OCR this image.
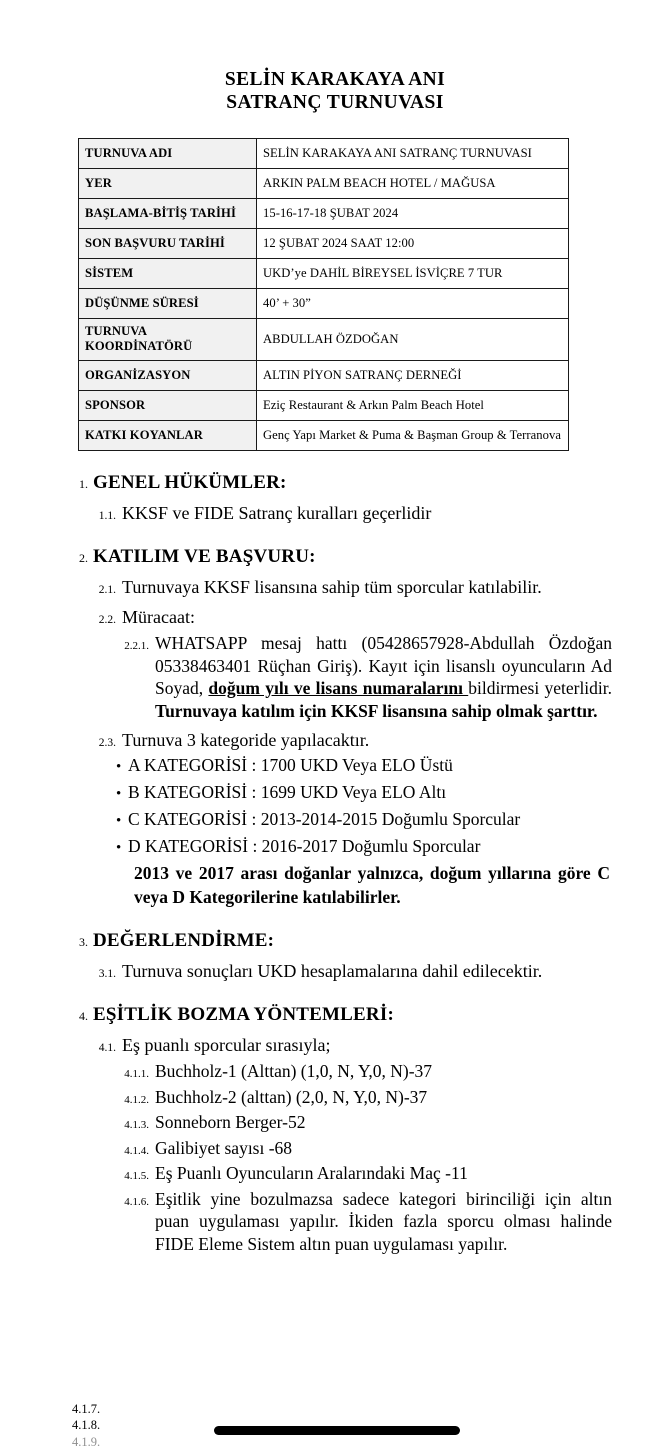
SELİN KARAKAYA ANI
SATRANÇ TURNUVASI
TURNUVA ADI	SELİN KARAKAYA ANI SATRANÇ TURNUVASI
YER	ARKIN PALM BEACH HOTEL / MAĞUSA
BAŞLAMA-BİTİŞ TARİHİ	15-16-17-18 ŞUBAT 2024
SON BAŞVURU TARİHİ	12 ŞUBAT 2024 SAAT 12:00
SİSTEM	UKD’ye DAHİL BİREYSEL İSVİÇRE 7 TUR
DÜŞÜNME SÜRESİ	40’ + 30”
TURNUVA KOORDİNATÖRÜ	ABDULLAH ÖZDOĞAN
ORGANİZASYON	ALTIN PİYON SATRANÇ DERNEĞİ
SPONSOR	Eziç Restaurant & Arkın Palm Beach Hotel
KATKI KOYANLAR	Genç Yapı Market & Puma & Başman Group & Terranova
1. GENEL HÜKÜMLER:
1.1. KKSF ve FIDE Satranç kuralları geçerlidir
2. KATILIM VE BAŞVURU:
2.1. Turnuvaya KKSF lisansına sahip tüm sporcular katılabilir.
2.2. Müracaat:
2.2.1. WHATSAPP mesaj hattı (05428657928-Abdullah Özdoğan 05338463401 Rüçhan Giriş). Kayıt için lisanslı oyuncuların Ad Soyad, doğum yılı ve lisans numaralarını bildirmesi yeterlidir. Turnuvaya katılım için KKSF lisansına sahip olmak şarttır.
2.3. Turnuva 3 kategoride yapılacaktır.
• A KATEGORİSİ : 1700 UKD Veya ELO Üstü
• B KATEGORİSİ : 1699 UKD Veya ELO Altı
• C KATEGORİSİ : 2013-2014-2015 Doğumlu Sporcular
• D KATEGORİSİ : 2016-2017 Doğumlu Sporcular
2013 ve 2017 arası doğanlar yalnızca, doğum yıllarına göre C veya D Kategorilerine katılabilirler.
3. DEĞERLENDİRME:
3.1. Turnuva sonuçları UKD hesaplamalarına dahil edilecektir.
4. EŞİTLİK BOZMA YÖNTEMLERİ:
4.1. Eş puanlı sporcular sırasıyla;
4.1.1. Buchholz-1 (Alttan) (1,0, N, Y,0, N)-37
4.1.2. Buchholz-2 (alttan) (2,0, N, Y,0, N)-37
4.1.3. Sonneborn Berger-52
4.1.4. Galibiyet sayısı -68
4.1.5. Eş Puanlı Oyuncuların Aralarındaki Maç -11
4.1.6. Eşitlik yine bozulmazsa sadece kategori birinciliği için altın puan uygulaması yapılır. İkiden fazla sporcu olması halinde FIDE Eleme Sistem altın puan uygulaması yapılır.
4.1.7.
4.1.8.
4.1.9.
